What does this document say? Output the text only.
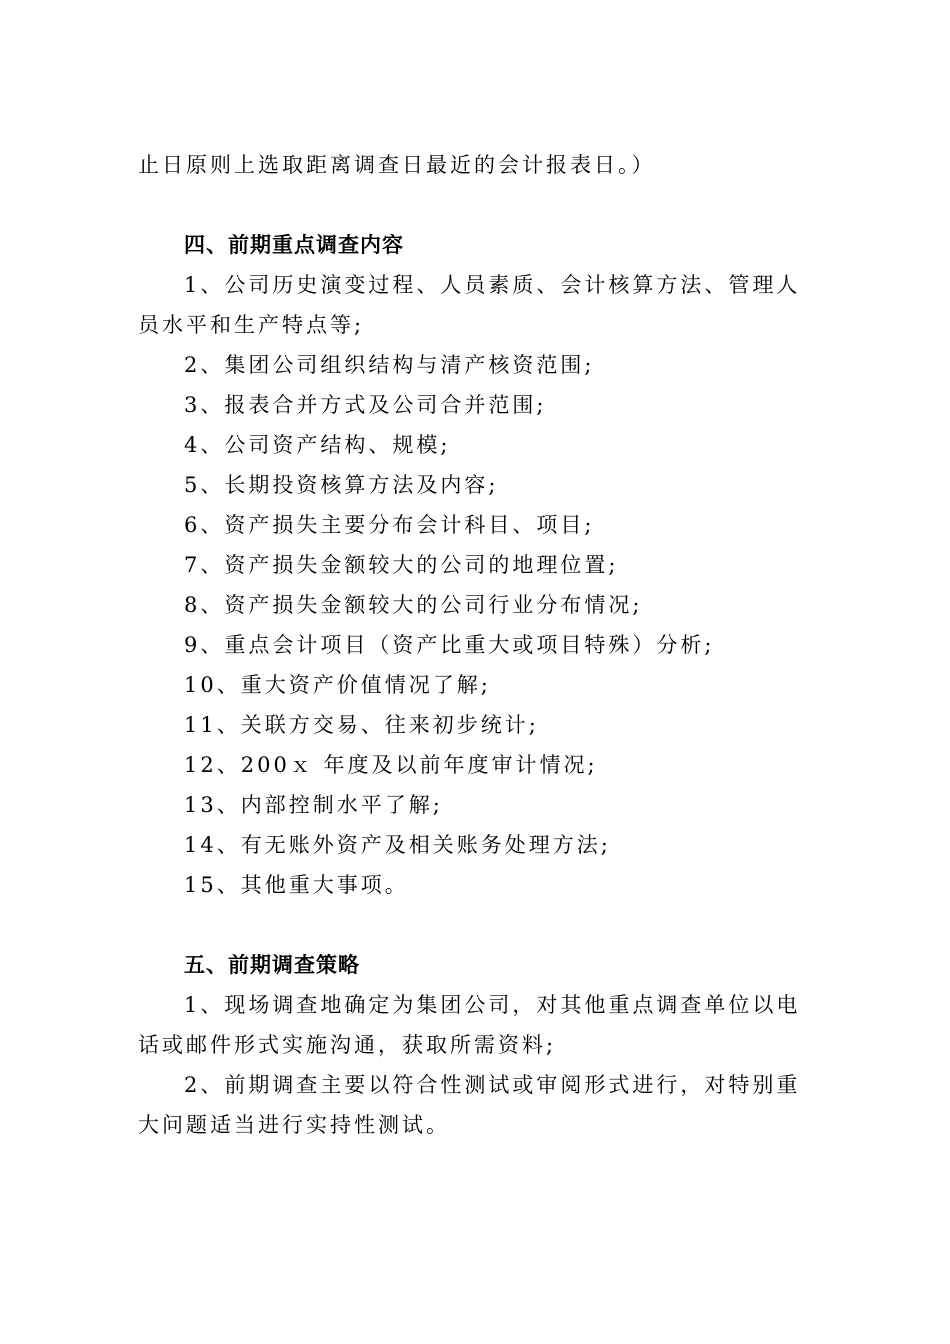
止日原则上选取距离调查日最近的会计报表日。）
四、前期重点调查内容
1、公司历史演变过程、人员素质、会计核算方法、管理人
员水平和生产特点等;
2、集团公司组织结构与清产核资范围;
3、报表合并方式及公司合并范围;
4、公司资产结构、规模;
5、长期投资核算方法及内容;
6、资产损失主要分布会计科目、项目;
7、资产损失金额较大的公司的地理位置;
8、资产损失金额较大的公司行业分布情况;
9、重点会计项目（资产比重大或项目特殊）分析;
10、重大资产价值情况了解;
11、关联方交易、往来初步统计;
12、200ｘ 年度及以前年度审计情况;
13、内部控制水平了解;
14、有无账外资产及相关账务处理方法;
15、其他重大事项。
五、前期调查策略
1、现场调查地确定为集团公司，对其他重点调查单位以电
话或邮件形式实施沟通，获取所需资料;
2、前期调查主要以符合性测试或审阅形式进行，对特别重
大问题适当进行实持性测试。
